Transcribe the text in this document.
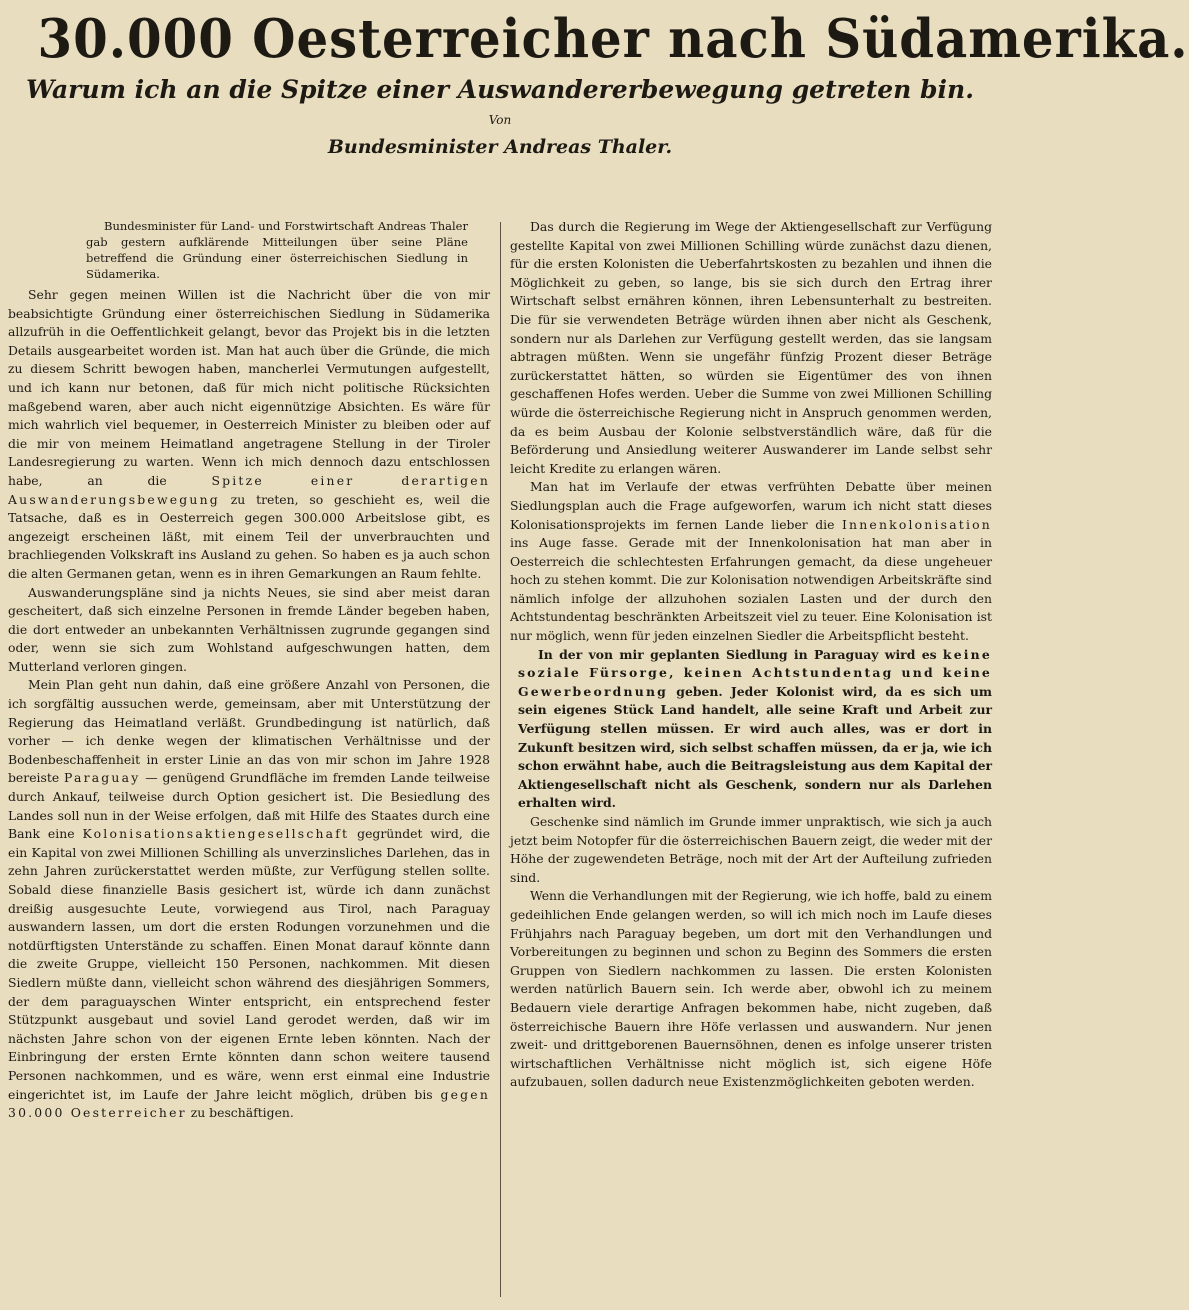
30.000 Oesterreicher nach Südamerika.
Warum ich an die Spitze einer Auswandererbewegung getreten bin.
Von
Bundesminister Andreas Thaler.

Bundesminister für Land- und Forstwirtschaft Andreas Thaler gab gestern aufklärende Mitteilungen über seine Pläne betreffend die Gründung einer österreichischen Siedlung in Südamerika.

Sehr gegen meinen Willen ist die Nachricht über die von mir beabsichtigte Gründung einer österreichischen Siedlung in Südamerika allzufrüh in die Oeffentlichkeit gelangt, bevor das Projekt bis in die letzten Details ausgearbeitet worden ist. Man hat auch über die Gründe, die mich zu diesem Schritt bewogen haben, mancherlei Vermutungen aufgestellt, und ich kann nur betonen, daß für mich nicht politische Rücksichten maßgebend waren, aber auch nicht eigennützige Absichten. Es wäre für mich wahrlich viel bequemer, in Oesterreich Minister zu bleiben oder auf die mir von meinem Heimatland angetragene Stellung in der Tiroler Landesregierung zu warten. Wenn ich mich dennoch dazu entschlossen habe, an die	Spitze einer derartigen Auswanderungsbewegung zu treten, so geschieht es, weil die Tatsache, daß es in Oesterreich gegen 300.000 Arbeitslose gibt, es angezeigt erscheinen läßt, mit einem Teil der unverbrauchten und brachliegenden Volkskraft ins Ausland zu gehen. So haben es ja auch schon die alten Germanen getan, wenn es in ihren Gemarkungen an Raum fehlte.

Auswanderungspläne sind ja nichts Neues, sie sind aber meist daran gescheitert, daß sich einzelne Personen in fremde Länder begeben haben, die dort entweder an unbekannten Verhältnissen zugrunde gegangen sind oder, wenn sie sich zum Wohlstand aufgeschwungen hatten, dem Mutterland verloren gingen.

Mein Plan geht nun dahin, daß eine größere Anzahl von Personen, die ich sorgfältig aussuchen werde, gemeinsam, aber mit Unterstützung der Regierung das Heimatland verläßt. Grundbedingung ist natürlich, daß vorher — ich denke wegen der klimatischen Verhältnisse und der Bodenbeschaffenheit in erster Linie an das von mir schon im Jahre 1928 bereiste Paraguay — genügend Grundfläche im fremden Lande teilweise durch Ankauf, teilweise durch Option gesichert ist. Die Besiedlung des Landes soll nun in der Weise erfolgen, daß mit Hilfe des Staates durch eine Bank eine Kolonisationsaktiengesellschaft gegründet wird, die ein Kapital von zwei Millionen Schilling als unverzinsliches Darlehen, das in zehn Jahren zurückerstattet werden müßte, zur Verfügung stellen sollte. Sobald diese finanzielle Basis gesichert ist, würde ich dann zunächst dreißig ausgesuchte Leute, vorwiegend aus Tirol, nach Paraguay auswandern lassen, um dort die ersten Rodungen vorzunehmen und die notdürftigsten Unterstände zu schaffen. Einen Monat darauf könnte dann die zweite Gruppe, vielleicht 150 Personen, nachkommen. Mit diesen Siedlern müßte dann, vielleicht schon während des diesjährigen Sommers, der dem paraguayschen Winter entspricht, ein entsprechend fester Stützpunkt ausgebaut und soviel Land gerodet werden, daß wir im nächsten Jahre schon von der eigenen Ernte leben könnten. Nach der Einbringung der ersten Ernte könnten dann schon weitere tausend Personen nachkommen, und es wäre, wenn erst einmal eine Industrie eingerichtet ist, im Laufe der Jahre leicht möglich, drüben bis gegen 30.000 Oesterreicher zu beschäftigen.

Das durch die Regierung im Wege der Aktiengesellschaft zur Verfügung gestellte Kapital von zwei Millionen Schilling würde zunächst dazu dienen, für die ersten Kolonisten die Ueberfahrtskosten zu bezahlen und ihnen die Möglichkeit zu geben, so lange, bis sie sich durch den Ertrag ihrer Wirtschaft selbst ernähren können, ihren Lebensunterhalt zu bestreiten. Die für sie verwendeten Beträge würden ihnen aber nicht als Geschenk, sondern nur als Darlehen zur Verfügung gestellt werden, das sie langsam abtragen müßten. Wenn sie ungefähr fünfzig Prozent dieser Beträge zurückerstattet hätten, so würden sie Eigentümer des von ihnen geschaffenen Hofes werden. Ueber die Summe von zwei Millionen Schilling würde die österreichische Regierung nicht in Anspruch genommen werden, da es beim Ausbau der Kolonie selbstverständlich wäre, daß für die Beförderung und Ansiedlung weiterer Auswanderer im Lande selbst sehr leicht Kredite zu erlangen wären.

Man hat im Verlaufe der etwas verfrühten Debatte über meinen Siedlungsplan auch die Frage aufgeworfen, warum ich nicht statt dieses Kolonisationsprojekts im fernen Lande lieber die Innenkolonisation ins Auge fasse. Gerade mit der Innenkolonisation hat man aber in Oesterreich die schlechtesten Erfahrungen gemacht, da diese ungeheuer hoch zu stehen kommt. Die zur Kolonisation notwendigen Arbeitskräfte sind nämlich infolge der allzuhohen sozialen Lasten und der durch den Achtstundentag beschränkten Arbeitszeit viel zu teuer. Eine Kolonisation ist nur möglich, wenn für jeden einzelnen Siedler die Arbeitspflicht besteht.

In der von mir geplanten Siedlung in Paraguay wird es keine soziale Fürsorge, keinen Achtstundentag und keine Gewerbeordnung geben. Jeder Kolonist wird, da es sich um sein eigenes Stück Land handelt, alle seine Kraft und Arbeit zur Verfügung stellen müssen. Er wird auch alles, was er dort in Zukunft besitzen wird, sich selbst schaffen müssen, da er ja, wie ich schon erwähnt habe, auch die Beitragsleistung aus dem Kapital der Aktiengesellschaft nicht als Geschenk, sondern nur als Darlehen erhalten wird.

Geschenke sind nämlich im Grunde immer unpraktisch, wie sich ja auch jetzt beim Notopfer für die österreichischen Bauern zeigt, die weder mit der Höhe der zugewendeten Beträge, noch mit der Art der Aufteilung zufrieden sind.

Wenn die Verhandlungen mit der Regierung, wie ich hoffe, bald zu einem gedeihlichen Ende gelangen werden, so will ich mich noch im Laufe dieses Frühjahrs nach Paraguay begeben, um dort mit den Verhandlungen und Vorbereitungen zu beginnen und schon zu Beginn des Sommers die ersten Gruppen von Siedlern nachkommen zu lassen. Die ersten Kolonisten werden natürlich Bauern sein. Ich werde aber, obwohl ich zu meinem Bedauern viele derartige Anfragen bekommen habe, nicht zugeben, daß österreichische Bauern ihre Höfe verlassen und auswandern. Nur jenen zweit- und drittgeborenen Bauernsöhnen, denen es infolge unserer tristen wirtschaftlichen Verhältnisse nicht möglich ist, sich eigene Höfe aufzubauen, sollen dadurch neue Existenzmöglichkeiten geboten werden.
